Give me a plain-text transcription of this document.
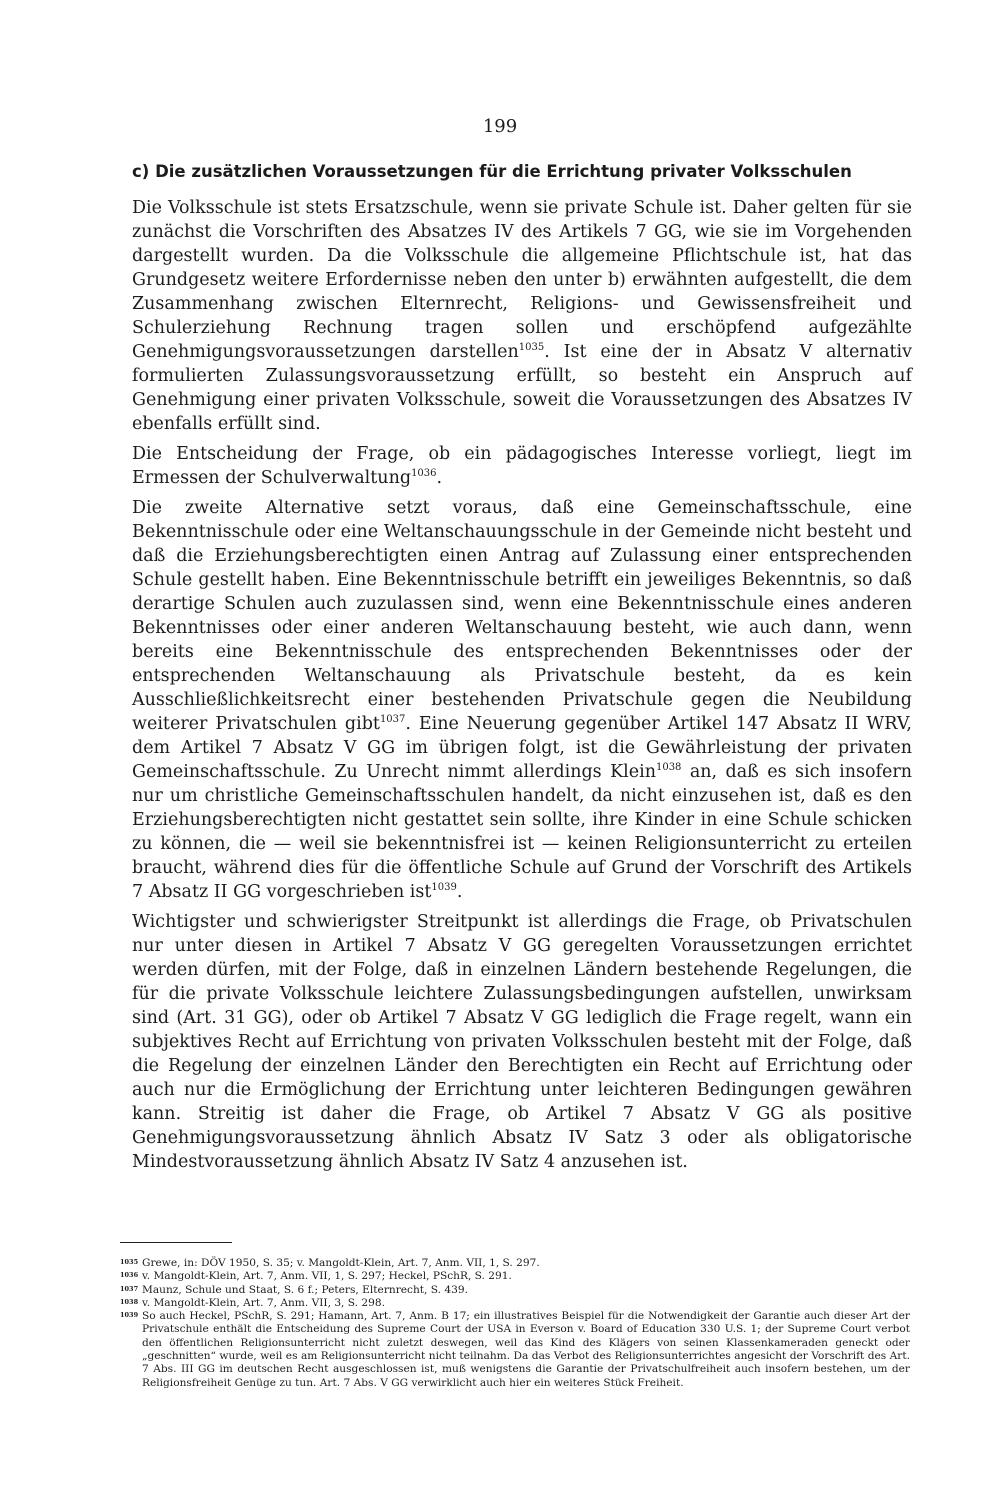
199
c) Die zusätzlichen Voraussetzungen für die Errichtung privater Volksschulen

Die Volksschule ist stets Ersatzschule, wenn sie private Schule ist. Daher gelten für sie zunächst die Vorschriften des Absatzes IV des Artikels 7 GG, wie sie im Vorgehenden dargestellt wurden. Da die Volksschule die allgemeine Pflichtschule ist, hat das Grundgesetz weitere Erfordernisse neben den unter b) erwähnten aufgestellt, die dem Zusammenhang zwischen Elternrecht, Religions- und Gewissensfreiheit und Schulerziehung Rechnung tragen sollen und erschöpfend aufgezählte Genehmigungsvoraussetzungen darstellen$^{1035}$. Ist eine der in Absatz V alternativ formulierten Zulassungsvoraussetzung erfüllt, so besteht ein Anspruch auf Genehmigung einer privaten Volksschule, soweit die Voraussetzungen des Absatzes IV ebenfalls erfüllt sind.

Die Entscheidung der Frage, ob ein pädagogisches Interesse vorliegt, liegt im Ermessen der Schulverwaltung$^{1036}$.

Die zweite Alternative setzt voraus, daß eine Gemeinschaftsschule, eine Bekenntnisschule oder eine Weltanschauungsschule in der Gemeinde nicht besteht und daß die Erziehungsberechtigten einen Antrag auf Zulassung einer entsprechenden Schule gestellt haben. Eine Bekenntnisschule betrifft ein jeweiliges Bekenntnis, so daß derartige Schulen auch zuzulassen sind, wenn eine Bekenntnisschule eines anderen Bekenntnisses oder einer anderen Weltanschauung besteht, wie auch dann, wenn bereits eine Bekenntnisschule des entsprechenden Bekenntnisses oder der entsprechenden Weltanschauung als Privatschule besteht, da es kein Ausschließlichkeitsrecht einer bestehenden Privatschule gegen die Neubildung weiterer Privatschulen gibt$^{1037}$. Eine Neuerung gegenüber Artikel 147 Absatz II WRV, dem Artikel 7 Absatz V GG im übrigen folgt, ist die Gewährleistung der privaten Gemeinschaftsschule. Zu Unrecht nimmt allerdings Klein$^{1038}$ an, daß es sich insofern nur um christliche Gemeinschaftsschulen handelt, da nicht einzusehen ist, daß es den Erziehungsberechtigten nicht gestattet sein sollte, ihre Kinder in eine Schule schicken zu können, die — weil sie bekenntnisfrei ist — keinen Religionsunterricht zu erteilen braucht, während dies für die öffentliche Schule auf Grund der Vorschrift des Artikels 7 Absatz II GG vorgeschrieben ist$^{1039}$.

Wichtigster und schwierigster Streitpunkt ist allerdings die Frage, ob Privatschulen nur unter diesen in Artikel 7 Absatz V GG geregelten Voraussetzungen errichtet werden dürfen, mit der Folge, daß in einzelnen Ländern bestehende Regelungen, die für die private Volksschule leichtere Zulassungsbedingungen aufstellen, unwirksam sind (Art. 31 GG), oder ob Artikel 7 Absatz V GG lediglich die Frage regelt, wann ein subjektives Recht auf Errichtung von privaten Volksschulen besteht mit der Folge, daß die Regelung der einzelnen Länder den Berechtigten ein Recht auf Errichtung oder auch nur die Ermöglichung der Errichtung unter leichteren Bedingungen gewähren kann. Streitig ist daher die Frage, ob Artikel 7 Absatz V GG als positive Genehmigungsvoraussetzung ähnlich Absatz IV Satz 3 oder als obligatorische Mindestvoraussetzung ähnlich Absatz IV Satz 4 anzusehen ist.

1035 Grewe, in: DÖV 1950, S. 35; v. Mangoldt-Klein, Art. 7, Anm. VII, 1, S. 297.
1036 v. Mangoldt-Klein, Art. 7, Anm. VII, 1, S. 297; Heckel, PSchR, S. 291.
1037 Maunz, Schule und Staat, S. 6 f.; Peters, Elternrecht, S. 439.
1038 v. Mangoldt-Klein, Art. 7, Anm. VII, 3, S. 298.
1039 So auch Heckel, PSchR, S. 291; Hamann, Art. 7, Anm. B 17; ein illustratives Beispiel für die Notwendigkeit der Garantie auch dieser Art der Privatschule enthält die Entscheidung des Supreme Court der USA in Everson v. Board of Education 330 U.S. 1; der Supreme Court verbot den öffentlichen Religionsunterricht nicht zuletzt deswegen, weil das Kind des Klägers von seinen Klassenkameraden geneckt oder „geschnitten“ wurde, weil es am Religionsunterricht nicht teilnahm. Da das Verbot des Religionsunterrichtes angesicht der Vorschrift des Art. 7 Abs. III GG im deutschen Recht ausgeschlossen ist, muß wenigstens die Garantie der Privatschulfreiheit auch insofern bestehen, um der Religionsfreiheit Genüge zu tun. Art. 7 Abs. V GG verwirklicht auch hier ein weiteres Stück Freiheit.
